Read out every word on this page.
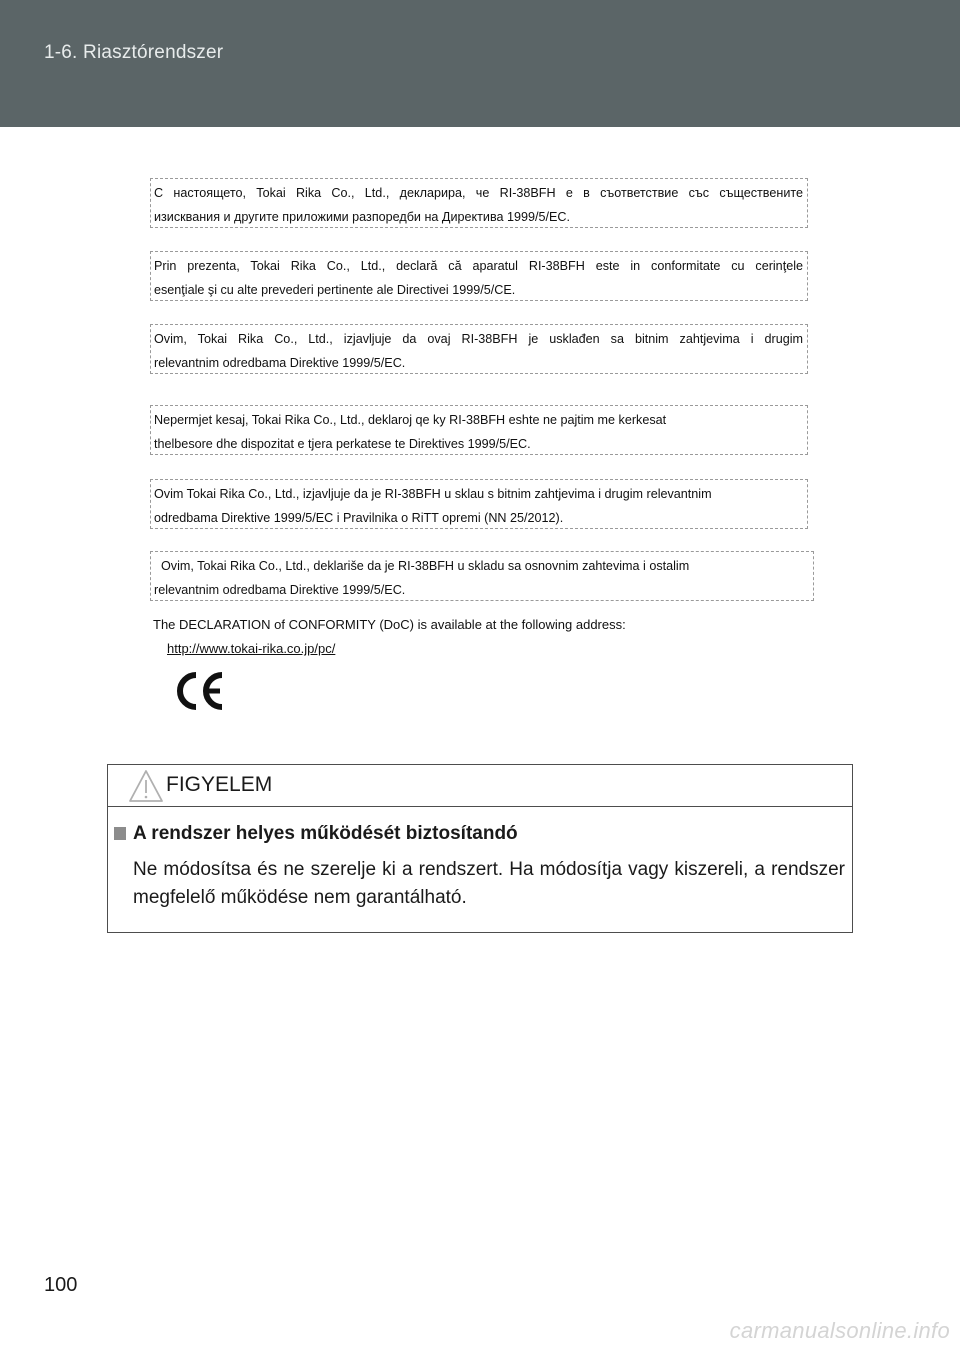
1-6. Riasztórendszer
С настоящето, Tokai Rika Co., Ltd., декларира, че RI-38BFH е в съответствие със съществените
изисквания и другите приложими разпоредби на Директива 1999/5/EC.
Prin prezenta, Tokai Rika Co., Ltd., declară că aparatul RI-38BFH este in conformitate cu cerinţele
esenţiale şi cu alte prevederi pertinente ale Directivei 1999/5/CE.
Ovim, Tokai Rika Co., Ltd., izjavljuje da ovaj RI-38BFH je usklađen sa bitnim zahtjevima i drugim
relevantnim odredbama Direktive 1999/5/EC.
Nepermjet kesaj, Tokai Rika Co., Ltd., deklaroj qe ky RI-38BFH eshte ne pajtim me kerkesat
thelbesore dhe dispozitat e tjera perkatese te Direktives 1999/5/EC.
Ovim Tokai Rika Co., Ltd., izjavljuje da je RI-38BFH u sklau s bitnim zahtjevima i drugim relevantnim
odredbama Direktive 1999/5/EC i Pravilnika o RiTT opremi (NN 25/2012).
Ovim, Tokai Rika Co., Ltd., deklariše da je RI-38BFH u skladu sa osnovnim zahtevima i ostalim
relevantnim odredbama Direktive 1999/5/EC.
The DECLARATION of CONFORMITY (DoC) is available at the following address:
http://www.tokai-rika.co.jp/pc/
FIGYELEM
A rendszer helyes működését biztosítandó
Ne módosítsa és ne szerelje ki a rendszert. Ha módosítja vagy kiszereli, a rendszer megfelelő működése nem garantálható.
100
carmanualsonline.info
